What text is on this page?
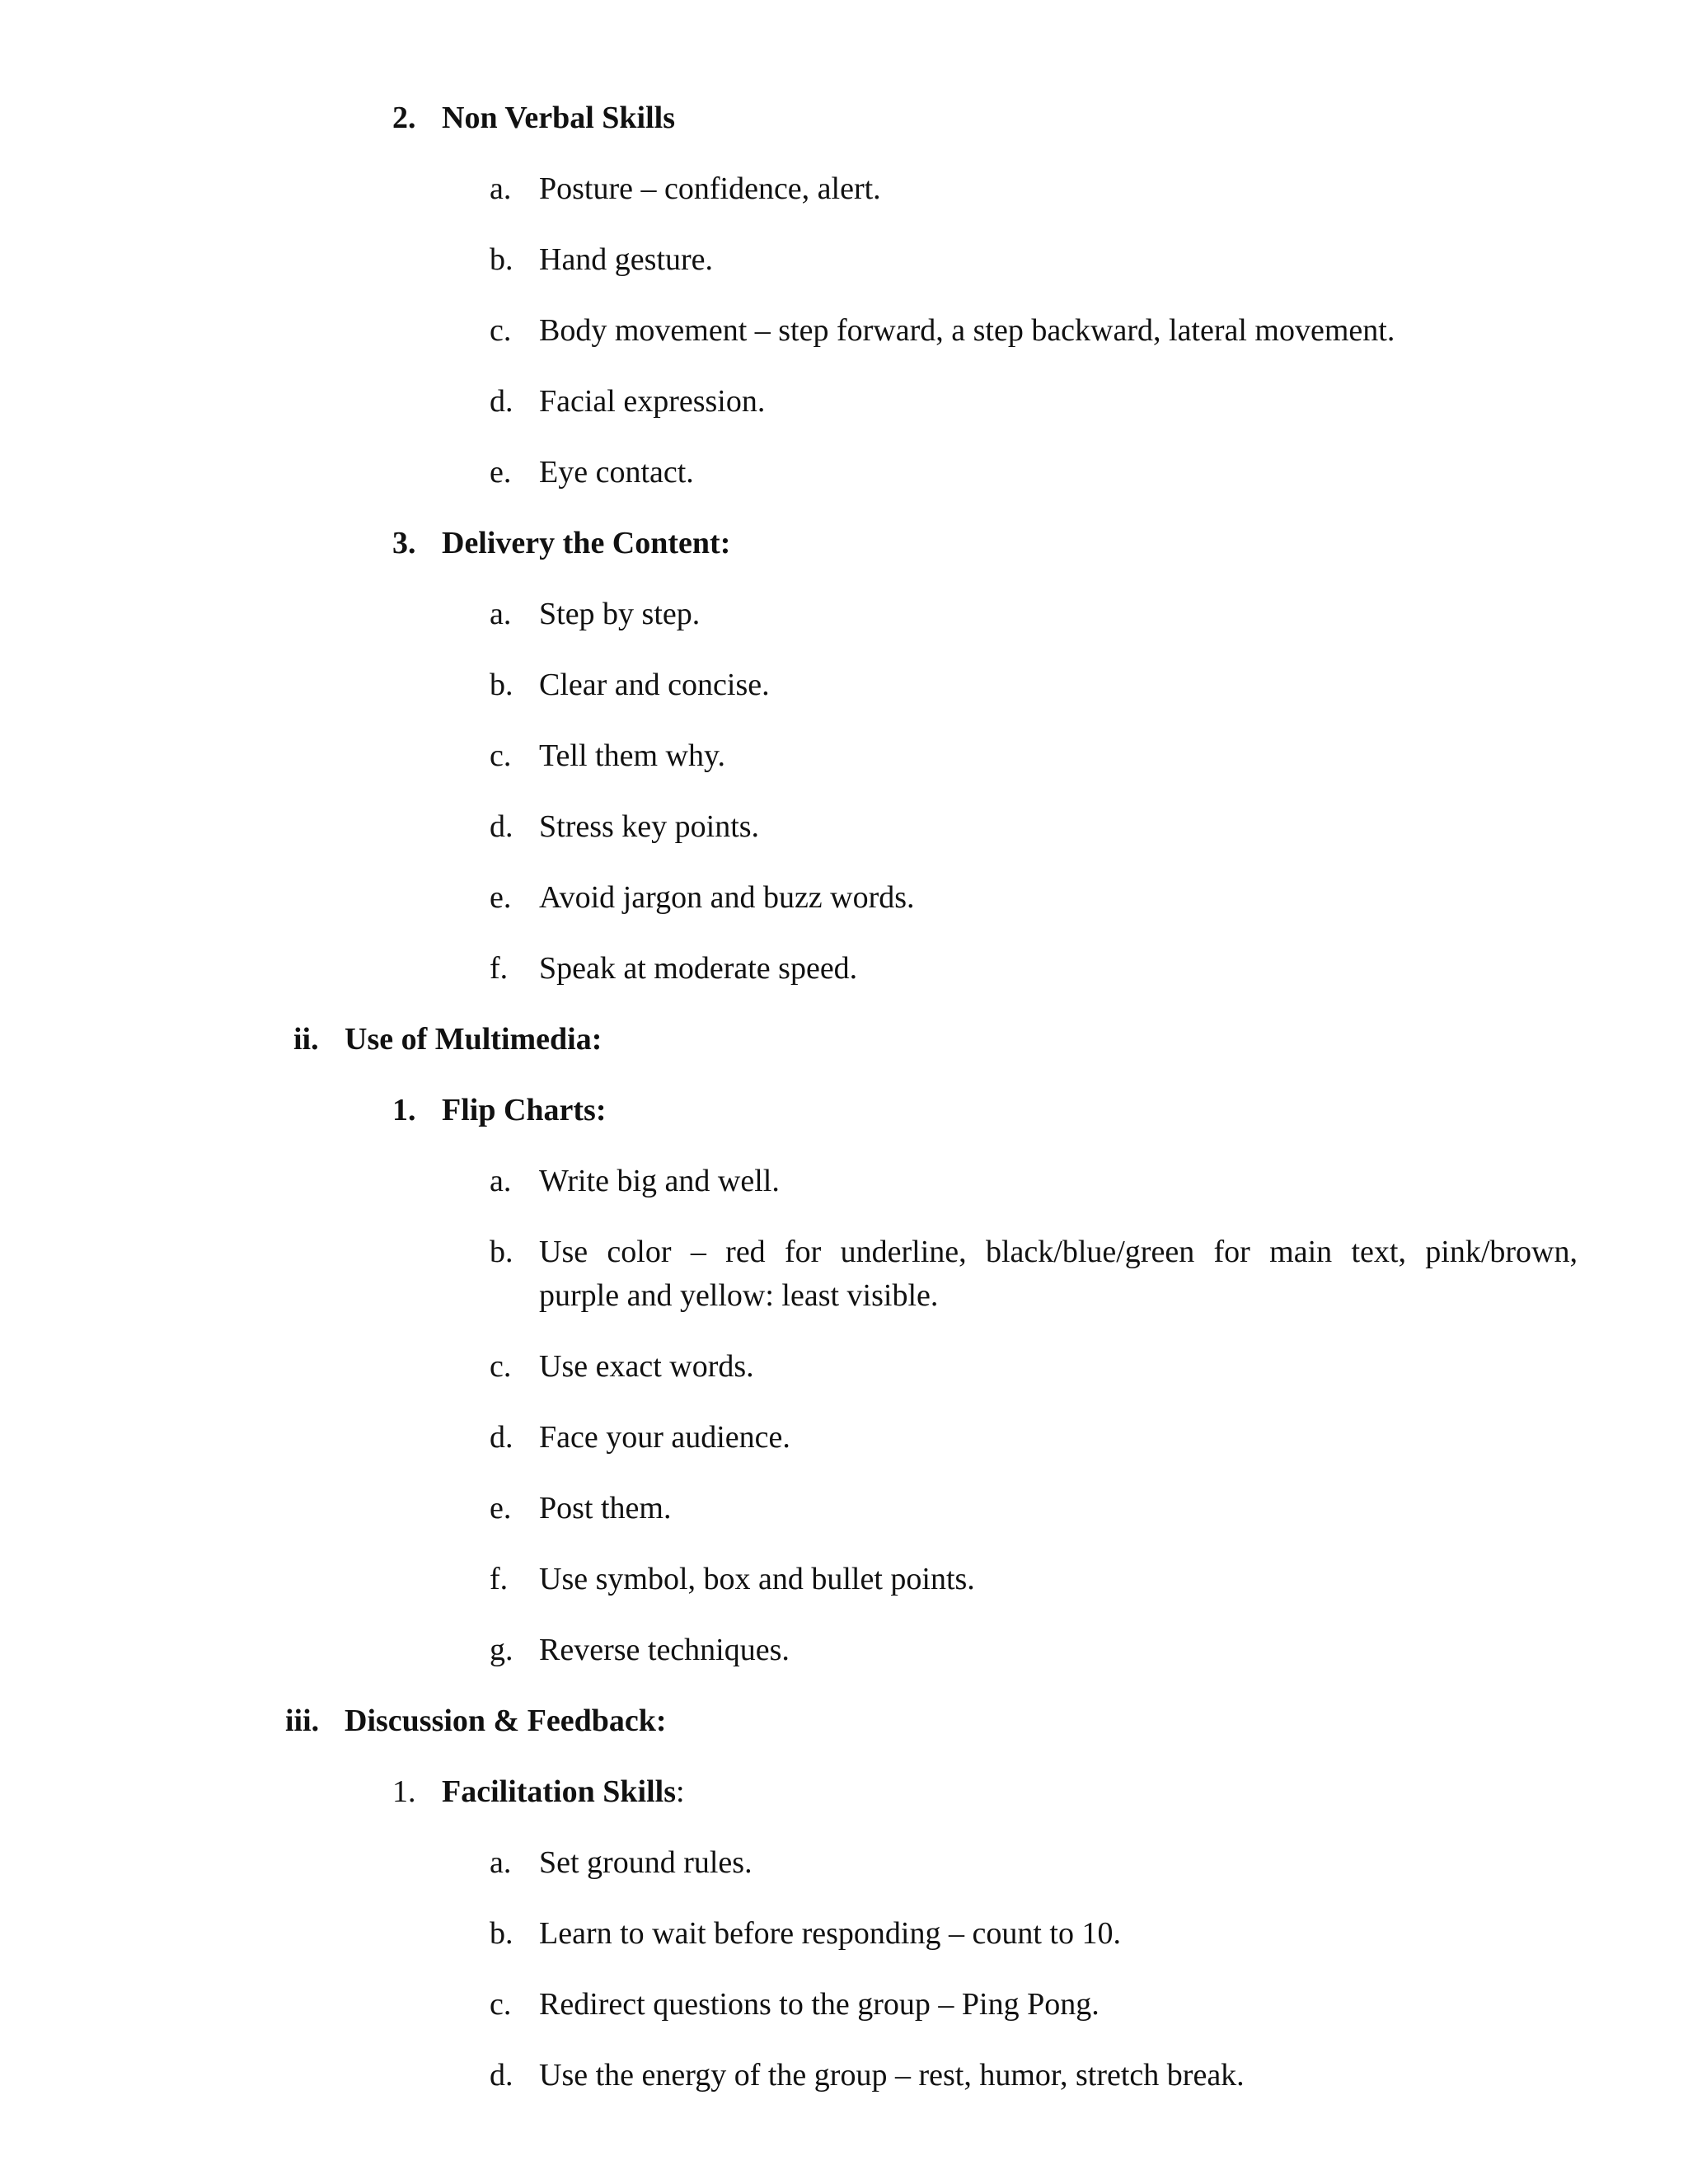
2. Non Verbal Skills
a. Posture – confidence, alert.
b. Hand gesture.
c. Body movement – step forward, a step backward, lateral movement.
d. Facial expression.
e. Eye contact.
3. Delivery the Content:
a. Step by step.
b. Clear and concise.
c. Tell them why.
d. Stress key points.
e. Avoid jargon and buzz words.
f. Speak at moderate speed.
ii. Use of Multimedia:
1. Flip Charts:
a. Write big and well.
b. Use color – red for underline, black/blue/green for main text, pink/brown,
purple and yellow: least visible.
c. Use exact words.
d. Face your audience.
e. Post them.
f. Use symbol, box and bullet points.
g. Reverse techniques.
iii. Discussion & Feedback:
1. Facilitation Skills:
a. Set ground rules.
b. Learn to wait before responding – count to 10.
c. Redirect questions to the group – Ping Pong.
d. Use the energy of the group – rest, humor, stretch break.
